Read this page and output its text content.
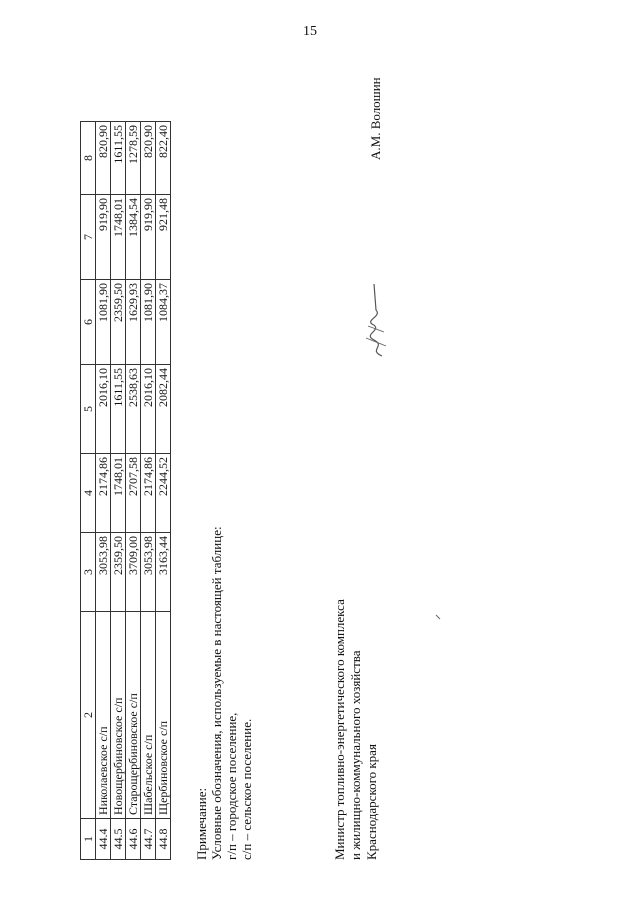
15
1	2	3	4	5	6	7	8
44.4	Николаевское с/п	3053,98	2174,86	2016,10	1081,90	919,90	820,90
44.5	Новощербиновское с/п	2359,50	1748,01	1611,55	2359,50	1748,01	1611,55
44.6	Старощербиновское с/п	3709,00	2707,58	2538,63	1629,93	1384,54	1278,59
44.7	Шабельское с/п	3053,98	2174,86	2016,10	1081,90	919,90	820,90
44.8	Щербиновское с/п	3163,44	2244,52	2082,44	1084,37	921,48	822,40
Примечание: Условные обозначения, используемые в настоящей таблице: г/п – городское поселение, с/п – сельское поселение.	Министр топливно-энергетического комплекса и жилищно-коммунального хозяйства Краснодарского края
А.М. Волошин
